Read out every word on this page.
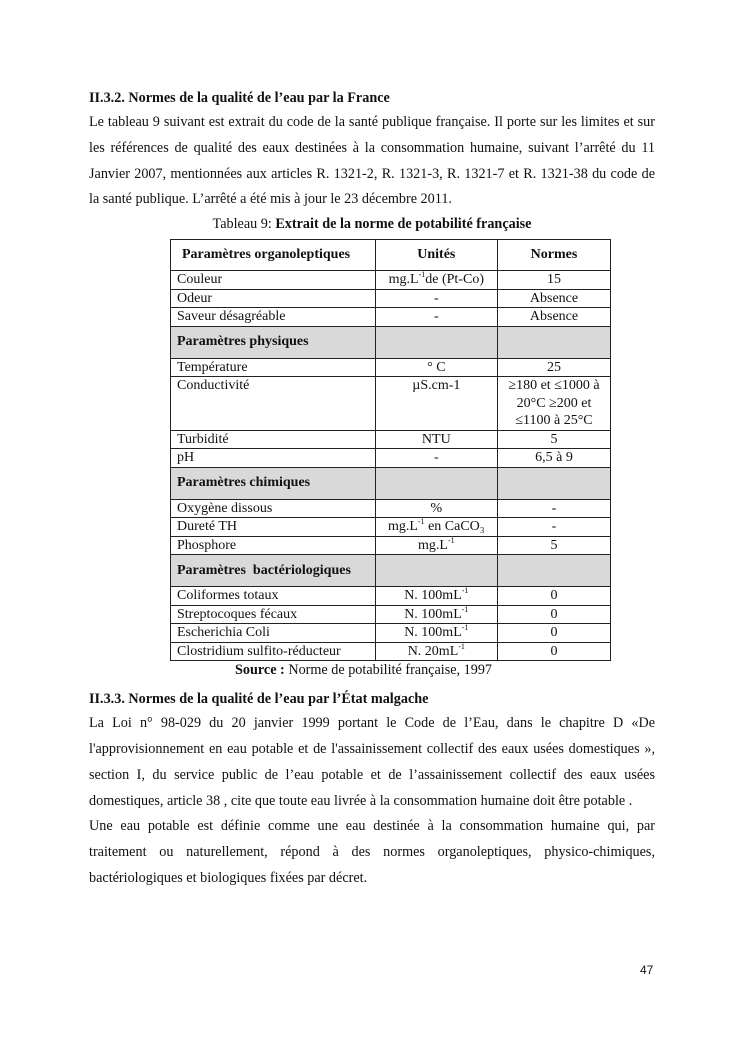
II.3.2. Normes de la qualité de l’eau par la France

Le tableau 9 suivant est extrait du code de la santé publique française. Il porte sur les limites et sur les références de qualité des eaux destinées à la consommation humaine, suivant l’arrêté du 11 Janvier 2007, mentionnées aux articles R. 1321-2, R. 1321-3, R. 1321-7 et R. 1321-38 du code de la santé publique. L’arrêté a été mis à jour le 23 décembre 2011.

Tableau 9: Extrait de la norme de potabilité française

Paramètres organoleptiques	Unités	Normes
Couleur	$mg.L^{-1}de$ (Pt-Co)	15
Odeur	-	Absence
Saveur désagréable	-	Absence
Paramètres physiques		
Température	° C	25
Conductivité	µS.cm-1	≥180 et ≤1000 à
20°C ≥200 et
≤1100 à 25°C

Turbidité	NTU	5
pH	-	6,5 à 9
Paramètres chimiques		
Oxygène dissous	%	-
Dureté TH	$mg.L^{-1}$ en CaCO₃	-
Phosphore	$mg.L^{-1}$	5
Paramètres  bactériologiques		
Coliformes totaux	N. $100mL^{-1}$	0
Streptocoques fécaux	N. $100mL^{-1}$	0
Escherichia Coli	N. $100mL^{-1}$	0
Clostridium sulfito-réducteur	N. $20mL^{-1}$	0

Source : Norme de potabilité française, 1997

II.3.3. Normes de la qualité de l’eau par l’État malgache

La Loi n° 98-029 du 20 janvier 1999 portant le Code de l’Eau, dans le chapitre D «De l'approvisionnement en eau potable et de l'assainissement collectif des eaux usées domestiques », section I, du service public de l’eau potable et de l’assainissement collectif des eaux usées domestiques, article 38 , cite que toute eau livrée à la consommation humaine doit être potable .

Une eau potable est définie comme une eau destinée à la consommation humaine qui, par traitement ou naturellement, répond à des normes organoleptiques, physico-chimiques, bactériologiques et biologiques fixées par décret.

47
